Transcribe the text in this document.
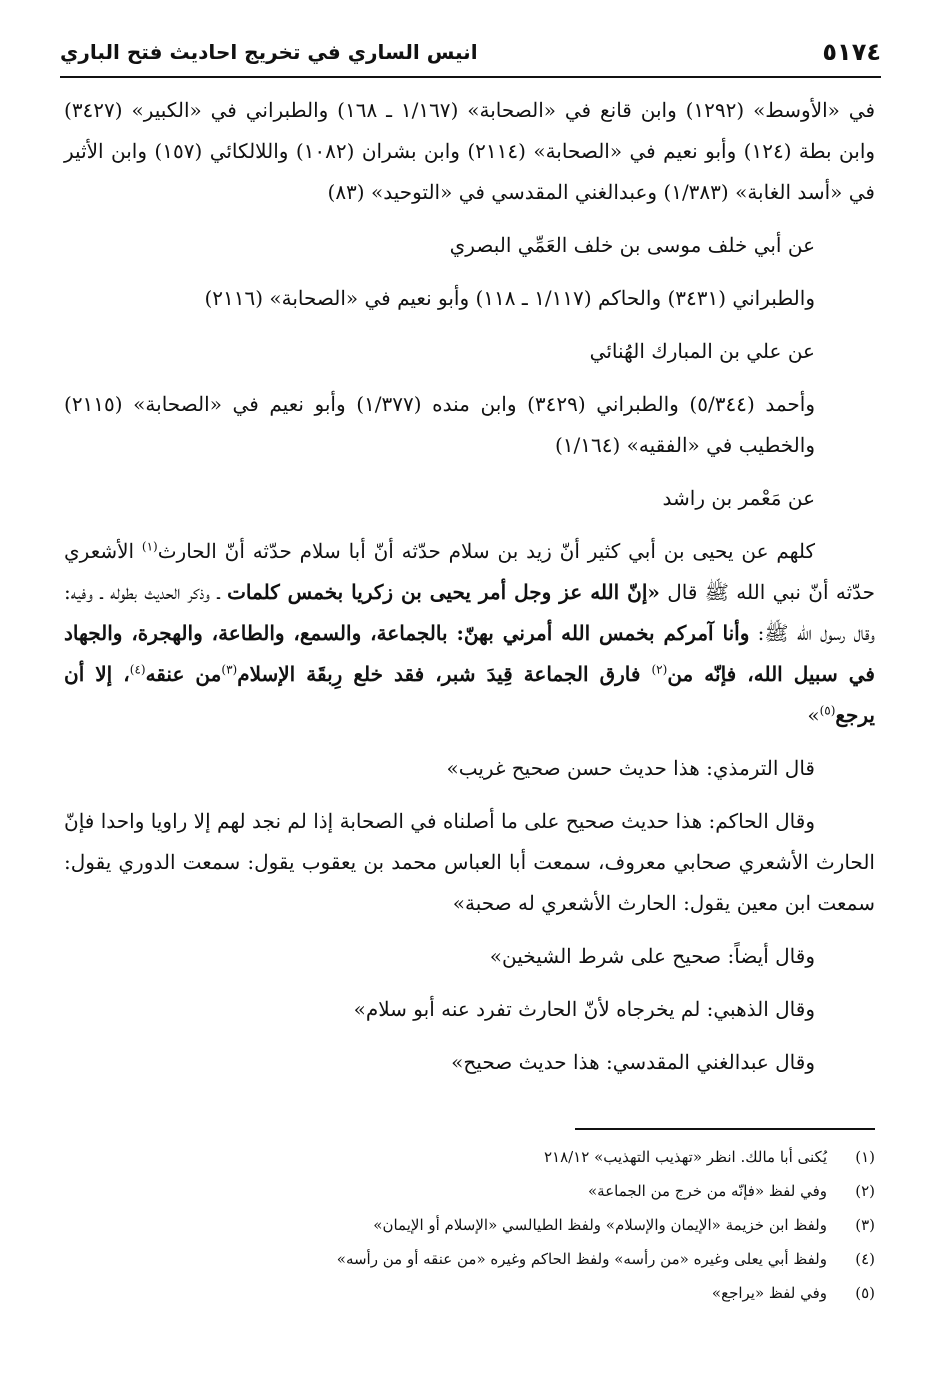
٥١٧٤
انيس الساري في تخريج احاديث فتح الباري

في «الأوسط» (١٢٩٢) وابن قانع في «الصحابة» (١/١٦٧ ـ ١٦٨) والطبراني في «الكبير» (٣٤٢٧) وابن بطة (١٢٤) وأبو نعيم في «الصحابة» (٢١١٤) وابن بشران (١٠٨٢) واللالكائي (١٥٧) وابن الأثير في «أسد الغابة» (١/٣٨٣) وعبدالغني المقدسي في «التوحيد» (٨٣)

عن أبي خلف موسى بن خلف العَمِّي البصري

والطبراني (٣٤٣١) والحاكم (١/١١٧ ـ ١١٨) وأبو نعيم في «الصحابة» (٢١١٦)

عن علي بن المبارك الهُنائي

وأحمد (٥/٣٤٤) والطبراني (٣٤٢٩) وابن منده (١/٣٧٧) وأبو نعيم في «الصحابة» (٢١١٥) والخطيب في «الفقيه» (١/١٦٤)

عن مَعْمر بن راشد

كلهم عن يحيى بن أبي كثير أنّ زيد بن سلام حدّثه أنّ أبا سلام حدّثه أنّ الحارث$^{(١)}$ الأشعري حدّثه أنّ نبي الله ﷺ قال «إنّ الله عز وجل أمر يحيى بن زكريا بخمس كلمات ـ وذكر الحديث بطوله ـ وفيه: وقال رسول الله ﷺ: وأنا آمركم بخمس الله أمرني بهنّ: بالجماعة، والسمع، والطاعة، والهجرة، والجهاد في سبيل الله، فإنّه من$^{(٢)}$ فارق الجماعة قِيدَ شبر، فقد خلع رِبقَة الإسلام$^{(٣)}$من عنقه$^{(٤)}$، إلا أن يرجع$^{(٥)}$»

قال الترمذي: هذا حديث حسن صحيح غريب»

وقال الحاكم: هذا حديث صحيح على ما أصلناه في الصحابة إذا لم نجد لهم إلا راويا واحدا فإنّ الحارث الأشعري صحابي معروف، سمعت أبا العباس محمد بن يعقوب يقول: سمعت الدوري يقول: سمعت ابن معين يقول: الحارث الأشعري له صحبة»

وقال أيضاً: صحيح على شرط الشيخين»

وقال الذهبي: لم يخرجاه لأنّ الحارث تفرد عنه أبو سلام»

وقال عبدالغني المقدسي: هذا حديث صحيح»

(١)
يُكنى أبا مالك. انظر «تهذيب التهذيب» ٢١٨/١٢
(٢)
وفي لفظ «فإنّه من خرج من الجماعة»
(٣)
ولفظ ابن خزيمة «الإيمان والإسلام» ولفظ الطيالسي «الإسلام أو الإيمان»
(٤)
ولفظ أبي يعلى وغيره «من رأسه» ولفظ الحاكم وغيره «من عنقه أو من رأسه»
(٥)
وفي لفظ «يراجع»
